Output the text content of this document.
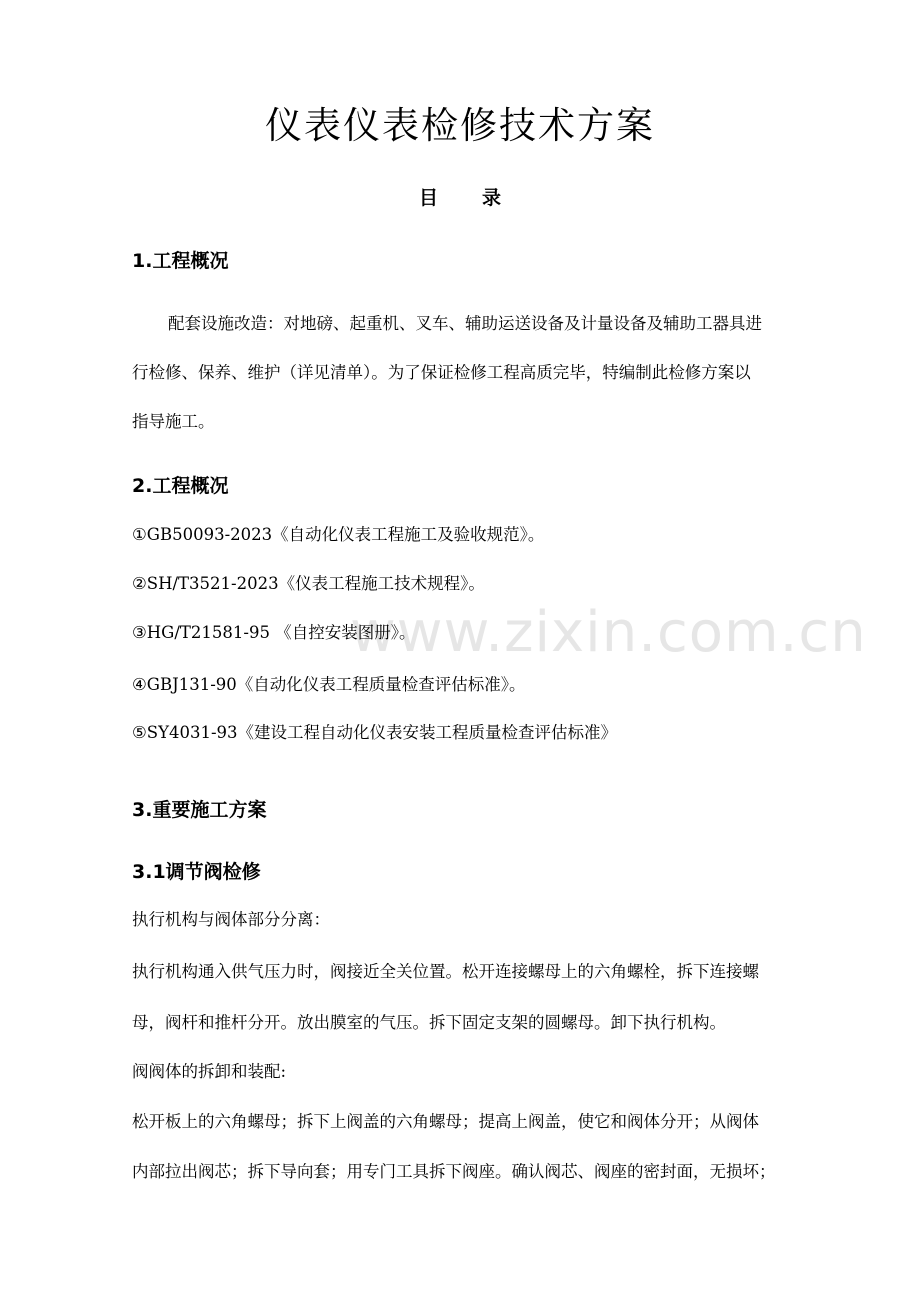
www.zixin.com.cn
仪表仪表检修技术方案
目 录
1.工程概况
配套设施改造：对地磅、起重机、叉车、辅助运送设备及计量设备及辅助工器具进
行检修、保养、维护（详见清单）。为了保证检修工程高质完毕，特编制此检修方案以
指导施工。
2.工程概况
①GB50093-2023《自动化仪表工程施工及验收规范》。
②SH/T3521-2023《仪表工程施工技术规程》。
③HG/T21581-95 《自控安装图册》。
④GBJ131-90《自动化仪表工程质量检查评估标准》。
⑤SY4031-93《建设工程自动化仪表安装工程质量检查评估标准》
3.重要施工方案
3.1调节阀检修
执行机构与阀体部分分离：
执行机构通入供气压力时，阀接近全关位置。松开连接螺母上的六角螺栓，拆下连接螺
母，阀杆和推杆分开。放出膜室的气压。拆下固定支架的圆螺母。卸下执行机构。
阀阀体的拆卸和装配:
松开板上的六角螺母；拆下上阀盖的六角螺母；提高上阀盖，使它和阀体分开；从阀体
内部拉出阀芯；拆下导向套；用专门工具拆下阀座。确认阀芯、阀座的密封面，无损坏；
